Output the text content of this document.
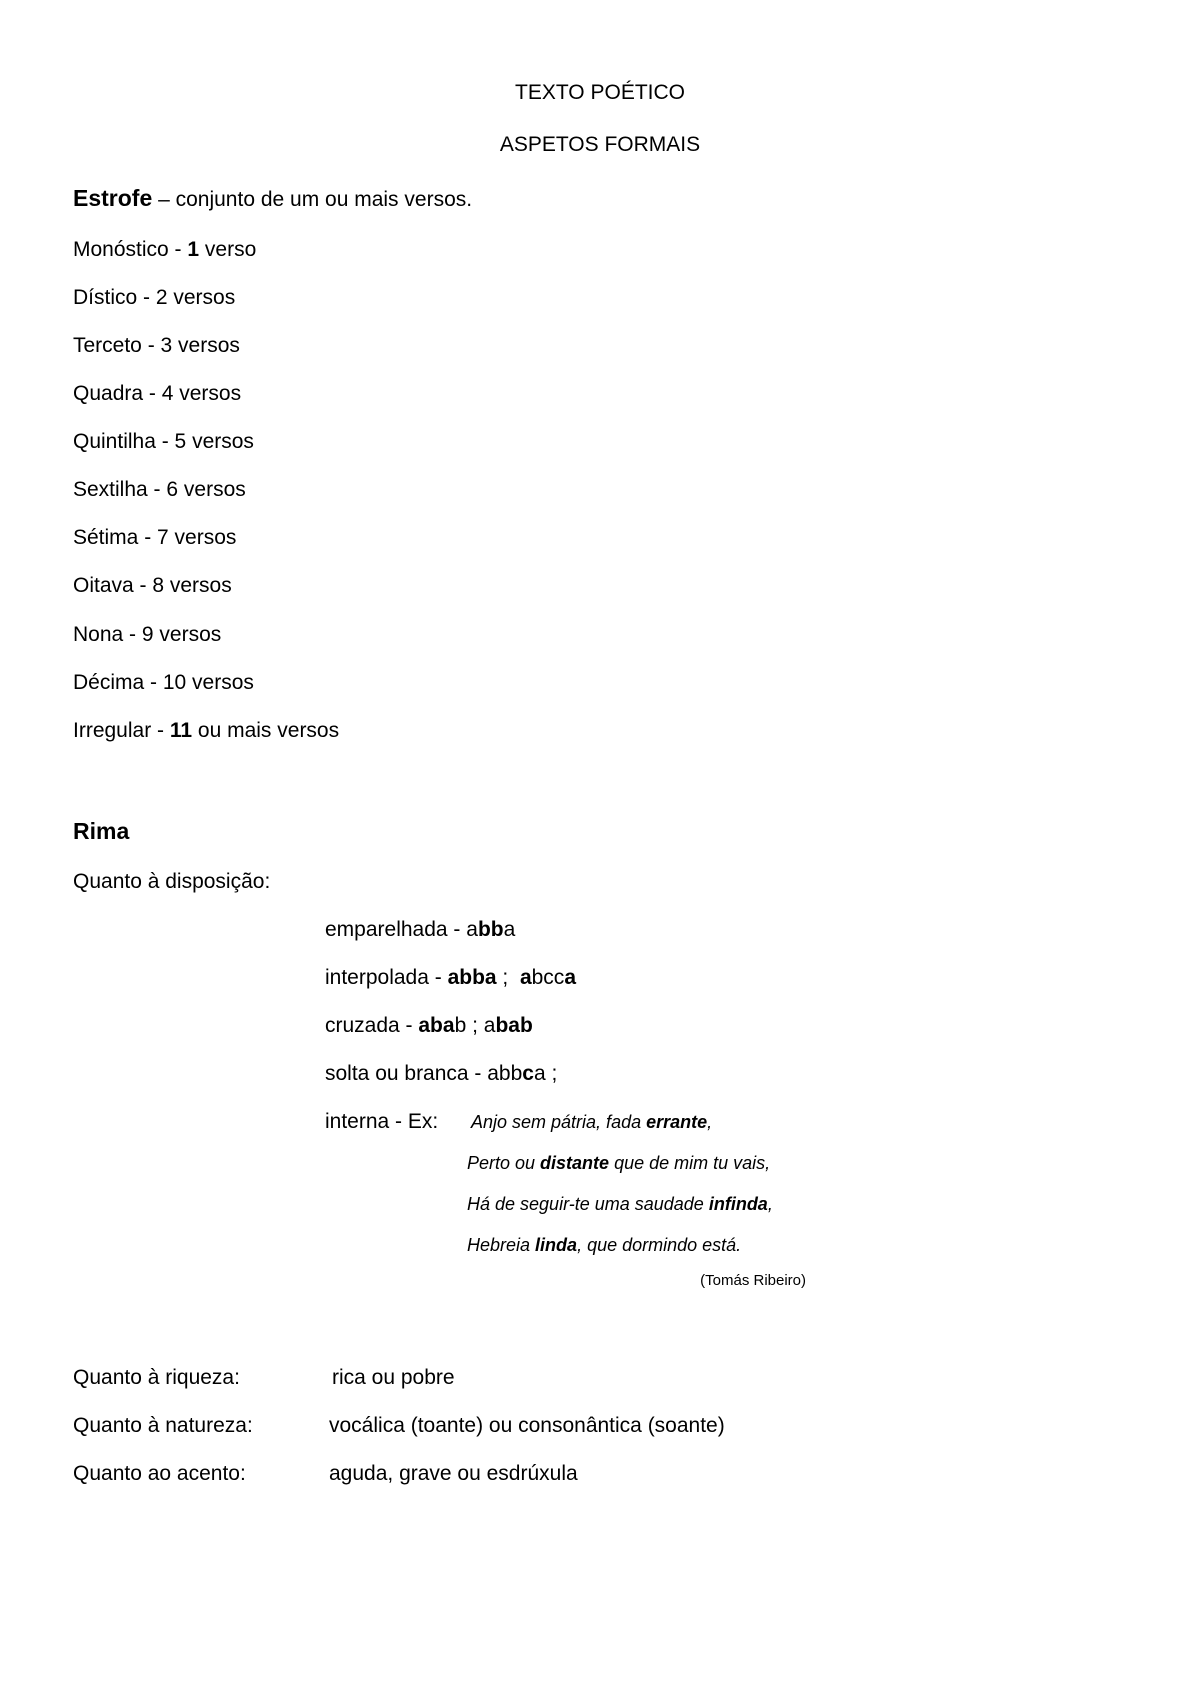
TEXTO POÉTICO
ASPETOS FORMAIS
Estrofe – conjunto de um ou mais versos.
Monóstico - 1 verso
Dístico - 2 versos
Terceto - 3 versos
Quadra - 4 versos
Quintilha - 5 versos
Sextilha - 6 versos
Sétima - 7 versos
Oitava - 8 versos
Nona - 9 versos
Décima - 10 versos
Irregular - 11 ou mais versos
Rima
Quanto à disposição:
emparelhada - abba
interpolada - abba ;  abcca
cruzada - abab ; abab
solta ou branca - abbca ;
interna - Ex: Anjo sem pátria, fada errante,
Perto ou distante que de mim tu vais,
Há de seguir-te uma saudade infinda,
Hebreia linda, que dormindo está.
(Tomás Ribeiro)
Quanto à riqueza:	rica ou pobre
Quanto à natureza:	vocálica (toante) ou consonântica (soante)
Quanto ao acento:	aguda, grave ou esdrúxula
